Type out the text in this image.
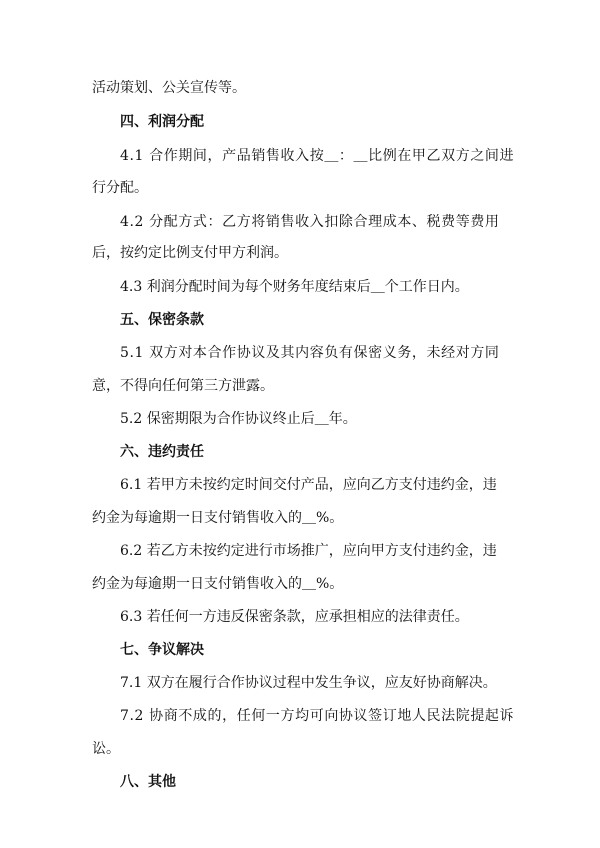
活动策划、公关宣传等。
四、利润分配
4.1 合作期间，产品销售收入按＿：＿比例在甲乙双方之间进
行分配。
4.2 分配方式：乙方将销售收入扣除合理成本、税费等费用
后，按约定比例支付甲方利润。
4.3 利润分配时间为每个财务年度结束后＿个工作日内。
五、保密条款
5.1 双方对本合作协议及其内容负有保密义务，未经对方同
意，不得向任何第三方泄露。
5.2 保密期限为合作协议终止后＿年。
六、违约责任
6.1 若甲方未按约定时间交付产品，应向乙方支付违约金，违
约金为每逾期一日支付销售收入的＿%。
6.2 若乙方未按约定进行市场推广，应向甲方支付违约金，违
约金为每逾期一日支付销售收入的＿%。
6.3 若任何一方违反保密条款，应承担相应的法律责任。
七、争议解决
7.1 双方在履行合作协议过程中发生争议，应友好协商解决。
7.2 协商不成的，任何一方均可向协议签订地人民法院提起诉
讼。
八、其他
